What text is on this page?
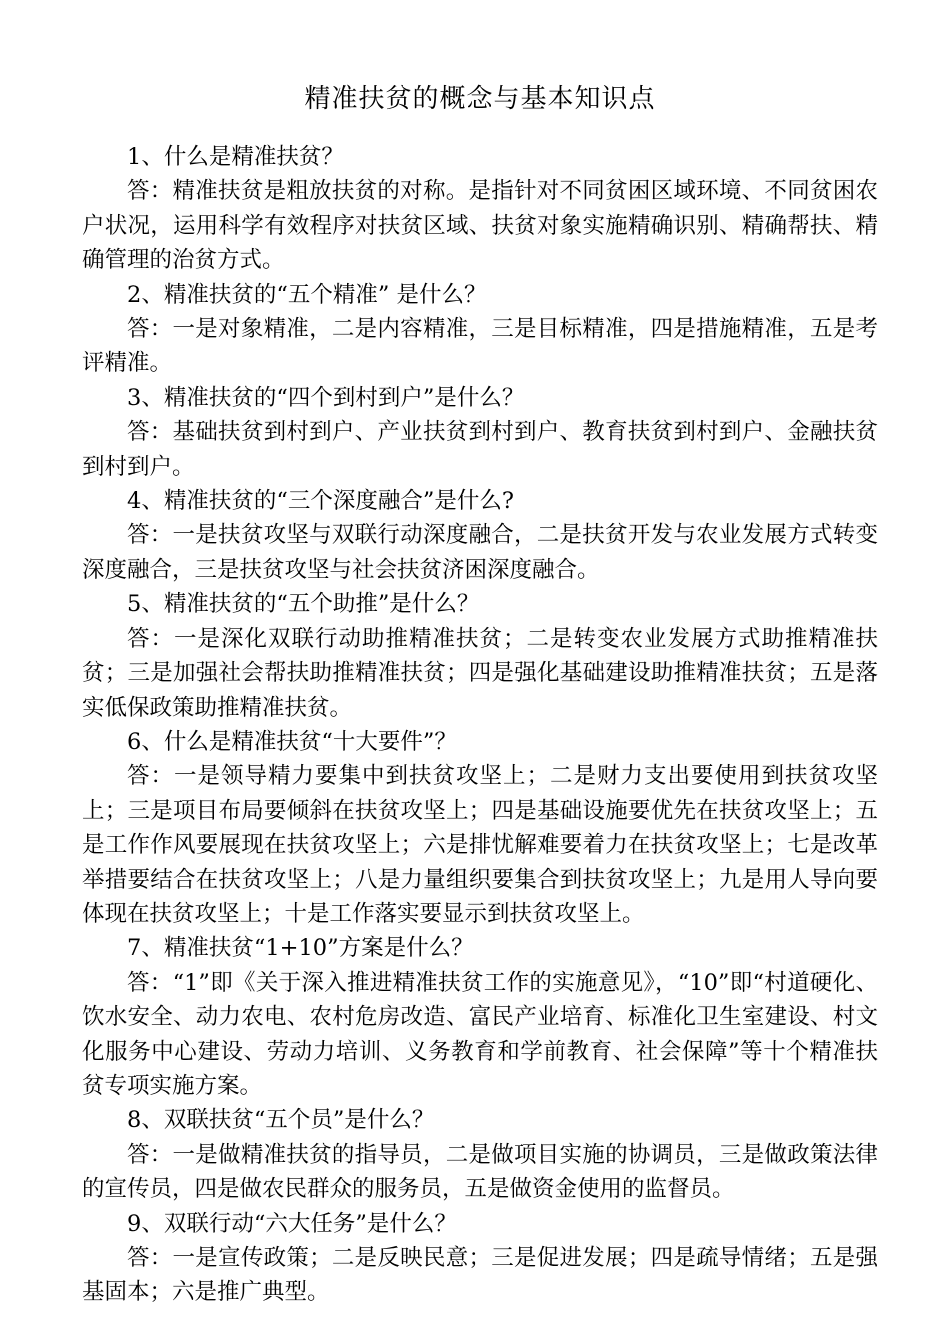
精准扶贫的概念与基本知识点

1、什么是精准扶贫？

答：精准扶贫是粗放扶贫的对称。是指针对不同贫困区域环境、不同贫困农户状况，运用科学有效程序对扶贫区域、扶贫对象实施精确识别、精确帮扶、精确管理的治贫方式。

2、精准扶贫的“五个精准” 是什么？

答：一是对象精准，二是内容精准，三是目标精准，四是措施精准，五是考评精准。

3、精准扶贫的“四个到村到户”是什么？

答：基础扶贫到村到户、产业扶贫到村到户、教育扶贫到村到户、金融扶贫到村到户。

4、精准扶贫的“三个深度融合”是什么?

答：一是扶贫攻坚与双联行动深度融合，二是扶贫开发与农业发展方式转变深度融合，三是扶贫攻坚与社会扶贫济困深度融合。

5、精准扶贫的“五个助推”是什么？

答：一是深化双联行动助推精准扶贫；二是转变农业发展方式助推精准扶贫；三是加强社会帮扶助推精准扶贫；四是强化基础建设助推精准扶贫；五是落实低保政策助推精准扶贫。

6、什么是精准扶贫“十大要件”？

答：一是领导精力要集中到扶贫攻坚上；二是财力支出要使用到扶贫攻坚上；三是项目布局要倾斜在扶贫攻坚上；四是基础设施要优先在扶贫攻坚上；五是工作作风要展现在扶贫攻坚上；六是排忧解难要着力在扶贫攻坚上；七是改革举措要结合在扶贫攻坚上；八是力量组织要集合到扶贫攻坚上；九是用人导向要体现在扶贫攻坚上；十是工作落实要显示到扶贫攻坚上。

7、精准扶贫“1+10”方案是什么？

答：“1”即《关于深入推进精准扶贫工作的实施意见》，“10”即“村道硬化、饮水安全、动力农电、农村危房改造、富民产业培育、标准化卫生室建设、村文化服务中心建设、劳动力培训、义务教育和学前教育、社会保障”等十个精准扶贫专项实施方案。

8、双联扶贫“五个员”是什么？

答：一是做精准扶贫的指导员，二是做项目实施的协调员，三是做政策法律的宣传员，四是做农民群众的服务员，五是做资金使用的监督员。

9、双联行动“六大任务”是什么？

答：一是宣传政策；二是反映民意；三是促进发展；四是疏导情绪；五是强基固本；六是推广典型。
